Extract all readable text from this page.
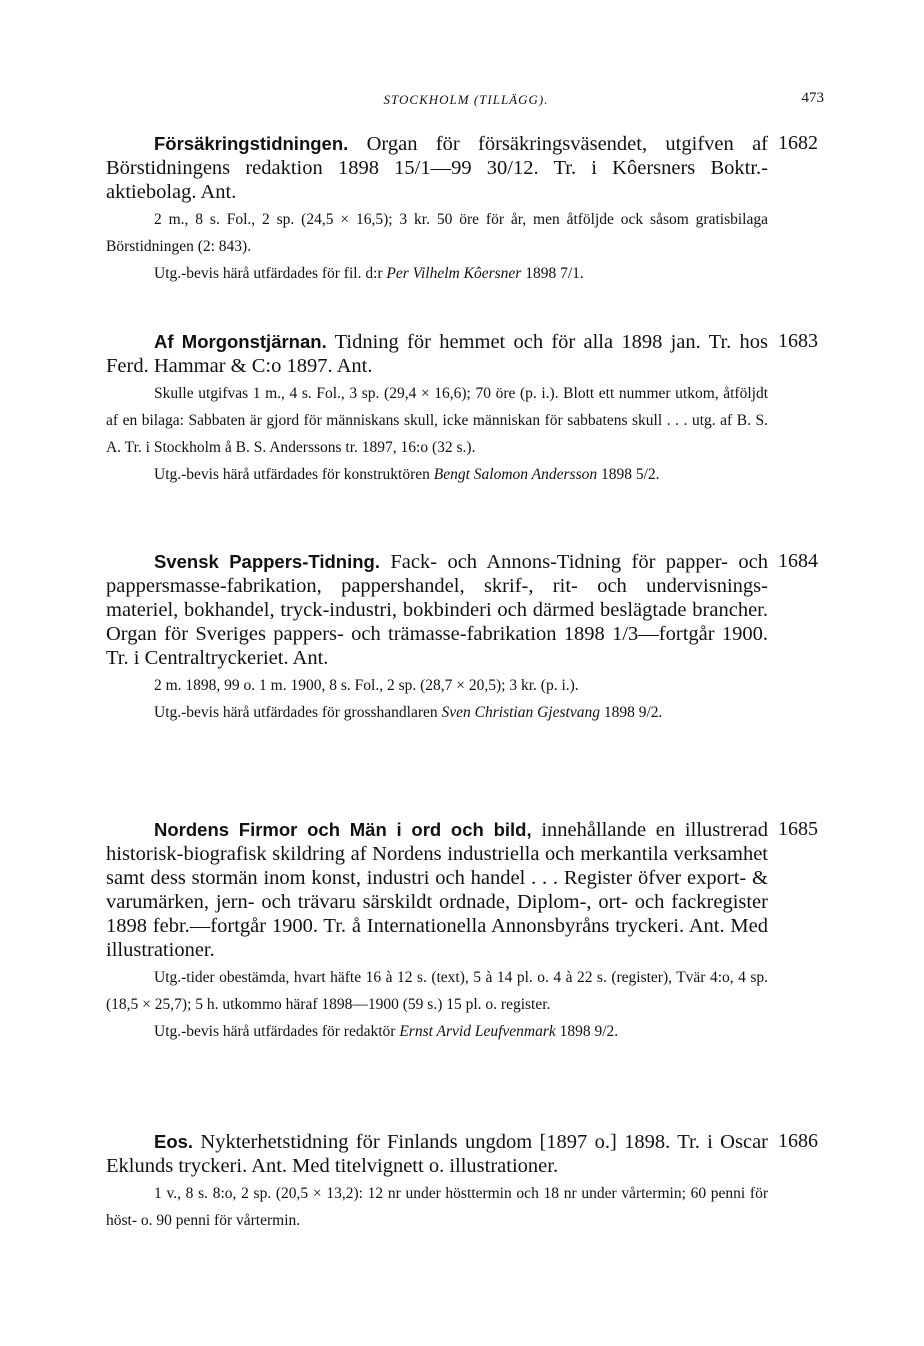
STOCKHOLM (TILLÄGG).	473
1682

Försäkringstidningen. Organ för försäkringsväsendet, utgifven af Börstidningens redaktion 1898 15/1—99 30/12. Tr. i Kôersners Boktr.-aktiebolag. Ant.

2 m., 8 s. Fol., 2 sp. (24,5 × 16,5); 3 kr. 50 öre för år, men åtföljde ock såsom gratisbilaga Börstidningen (2: 843).

Utg.-bevis härå utfärdades för fil. d:r Per Vilhelm Kôersner 1898 7/1.

1683

Af Morgonstjärnan. Tidning för hemmet och för alla 1898 jan. Tr. hos Ferd. Hammar & C:o 1897. Ant.

Skulle utgifvas 1 m., 4 s. Fol., 3 sp. (29,4 × 16,6); 70 öre (p. i.). Blott ett nummer utkom, åtföljdt af en bilaga: Sabbaten är gjord för människans skull, icke människan för sabbatens skull . . . utg. af B. S. A. Tr. i Stockholm å B. S. Anderssons tr. 1897, 16:o (32 s.).

Utg.-bevis härå utfärdades för konstruktören Bengt Salomon Andersson 1898 5/2.

1684

Svensk Pappers-Tidning. Fack- och Annons-Tidning för papper- och pappersmasse-fabrikation, pappershandel, skrif-, rit- och undervisnings-materiel, bokhandel, tryck-industri, bokbinderi och därmed beslägtade brancher. Organ för Sveriges pappers- och trämasse-fabrikation 1898 1/3—fortgår 1900. Tr. i Centraltryckeriet. Ant.

2 m. 1898, 99 o. 1 m. 1900, 8 s. Fol., 2 sp. (28,7 × 20,5); 3 kr. (p. i.).

Utg.-bevis härå utfärdades för grosshandlaren Sven Christian Gjestvang 1898 9/2.

1685

Nordens Firmor och Män i ord och bild, innehållande en illustrerad historisk-biografisk skildring af Nordens industriella och merkantila verksamhet samt dess stormän inom konst, industri och handel . . . Register öfver export- & varumärken, jern- och trävaru särskildt ordnade, Diplom-, ort- och fackregister 1898 febr.—fortgår 1900. Tr. å Internationella Annonsbyråns tryckeri. Ant. Med illustrationer.

Utg.-tider obestämda, hvart häfte 16 à 12 s. (text), 5 à 14 pl. o. 4 à 22 s. (register), Tvär 4:o, 4 sp. (18,5 × 25,7); 5 h. utkommo häraf 1898—1900 (59 s.) 15 pl. o. register.

Utg.-bevis härå utfärdades för redaktör Ernst Arvid Leufvenmark 1898 9/2.

1686

Eos. Nykterhetstidning för Finlands ungdom [1897 o.] 1898. Tr. i Oscar Eklunds tryckeri. Ant. Med titelvignett o. illustrationer.

1 v., 8 s. 8:o, 2 sp. (20,5 × 13,2): 12 nr under hösttermin och 18 nr under vårtermin; 60 penni för höst- o. 90 penni för vårtermin.
